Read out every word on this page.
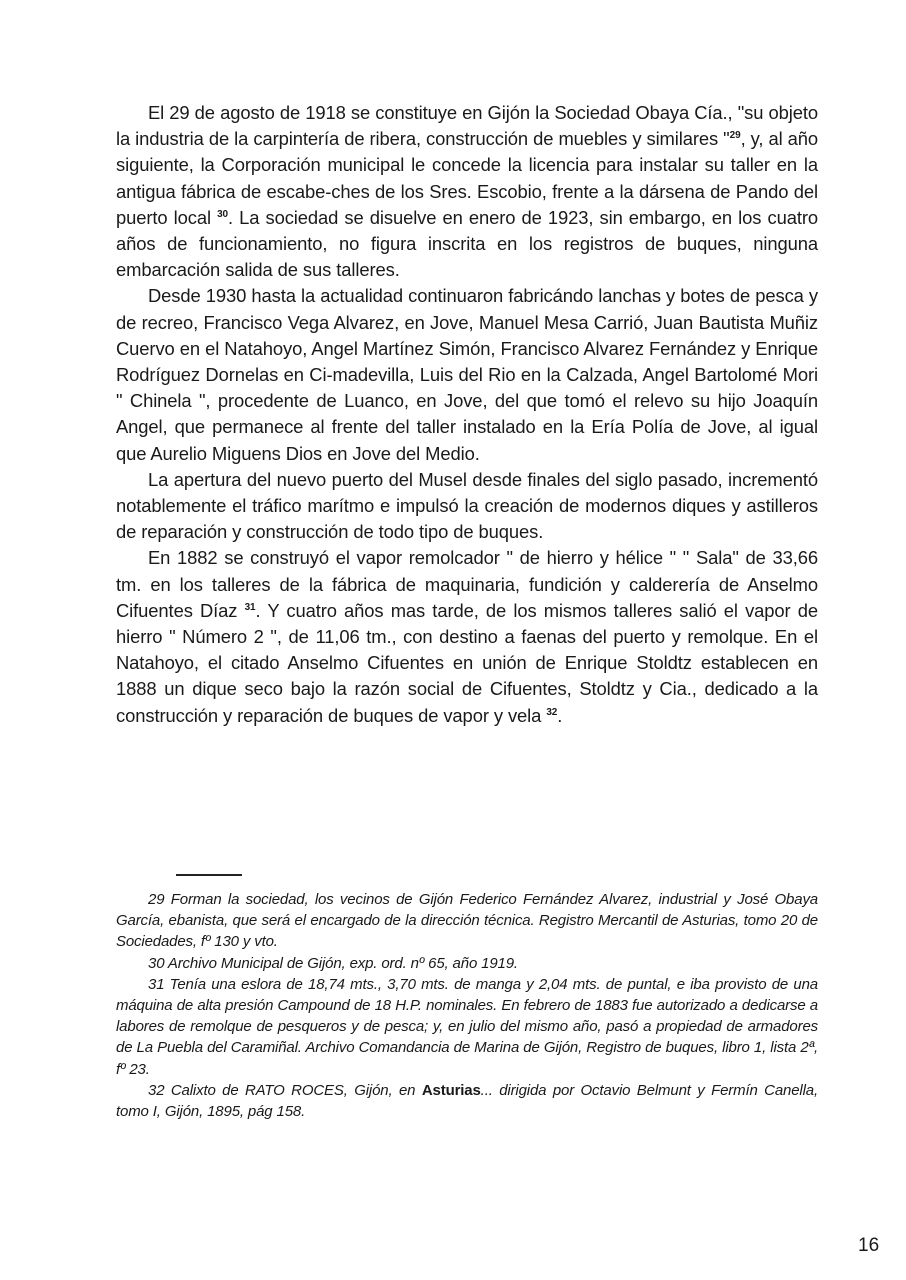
El 29 de agosto de 1918 se constituye en Gijón la Sociedad Obaya Cía., "su objeto la industria de la carpintería de ribera, construcción de muebles y similares "$^{29}$, y, al año siguiente, la Corporación municipal le concede la licencia para instalar su taller en la antigua fábrica de escabe-ches de los Sres. Escobio, frente a la dársena de Pando del puerto local $^{30}$. La sociedad se disuelve en enero de 1923, sin embargo, en los cuatro años de funcionamiento, no figura inscrita en los registros de buques, ninguna embarcación salida de sus talleres.

Desde 1930 hasta la actualidad continuaron fabricándo lanchas y botes de pesca y de recreo, Francisco Vega Alvarez, en Jove, Manuel Mesa Carrió, Juan Bautista Muñiz Cuervo en el Natahoyo, Angel Martínez Simón, Francisco Alvarez Fernández y Enrique Rodríguez Dornelas en Ci-madevilla, Luis del Rio en la Calzada, Angel Bartolomé Mori " Chinela ", procedente de Luanco, en Jove, del que tomó el relevo su hijo Joaquín Angel, que permanece al frente del taller instalado en la Ería Polía de Jove, al igual que Aurelio Miguens Dios en Jove del Medio.

La apertura del nuevo puerto del Musel desde finales del siglo pasado, incrementó notablemente el tráfico marítmo e impulsó la creación de modernos diques y astilleros de reparación y construcción de todo tipo de buques.

En 1882 se construyó el vapor remolcador " de hierro y hélice " " Sala" de 33,66 tm. en los talleres de la fábrica de maquinaria, fundición y calderería de Anselmo Cifuentes Díaz $^{31}$. Y cuatro años mas tarde, de los mismos talleres salió el vapor de hierro " Número 2 ", de 11,06 tm., con destino a faenas del puerto y remolque. En el Natahoyo, el citado Anselmo Cifuentes en unión de Enrique Stoldtz establecen en 1888 un dique seco bajo la razón social de Cifuentes, Stoldtz y Cia., dedicado a la construcción y reparación de buques de vapor y vela $^{32}$.

29 Forman la sociedad, los vecinos de Gijón Federico Fernández Alvarez, industrial y José Obaya García, ebanista, que será el encargado de la dirección técnica. Registro Mercantil de Asturias, tomo 20 de Sociedades, fº 130 y vto.

30 Archivo Municipal de Gijón, exp. ord. nº 65, año 1919.

31 Tenía una eslora de 18,74 mts., 3,70 mts. de manga y 2,04 mts. de puntal, e iba provisto de una máquina de alta presión Campound de 18 H.P. nominales. En febrero de 1883 fue autorizado a dedicarse a labores de remolque de pesqueros y de pesca; y, en julio del mismo año, pasó a propiedad de armadores de La Puebla del Caramiñal. Archivo Comandancia de Marina de Gijón, Registro de buques, libro 1, lista 2ª, fº 23.

32 Calixto de RATO ROCES, Gijón, en Asturias... dirigida por Octavio Belmunt y Fermín Canella, tomo I, Gijón, 1895, pág 158.

16
